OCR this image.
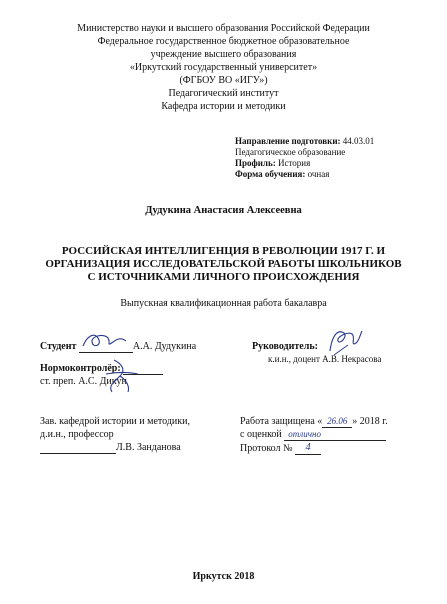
Министерство науки и высшего образования Российской Федерации
Федеральное государственное бюджетное образовательное
учреждение высшего образования
«Иркутский государственный университет»
(ФГБОУ ВО «ИГУ»)
Педагогический институт
Кафедра истории и методики
Направление подготовки: 44.03.01
Педагогическое образование
Профиль: История
Форма обучения: очная
Дудукина Анастасия Алексеевна
РОССИЙСКАЯ ИНТЕЛЛИГЕНЦИЯ В РЕВОЛЮЦИИ 1917 Г. И
ОРГАНИЗАЦИЯ ИССЛЕДОВАТЕЛЬСКОЙ РАБОТЫ ШКОЛЬНИКОВ
С ИСТОЧНИКАМИ ЛИЧНОГО ПРОИСХОЖДЕНИЯ
Выпускная квалификационная работа бакалавра
Студент	А.А. Дудукина	Руководитель:
к.и.н., доцент А.В. Некрасова
Нормоконтролёр:
ст. преп. А.С. Дикун
Зав. кафедрой истории и методики,
д.и.н., профессор
Л.В. Занданова
Работа защищена « 26.06 » 2018 г.
с оценкой отлично
Протокол № 4
Иркутск 2018
